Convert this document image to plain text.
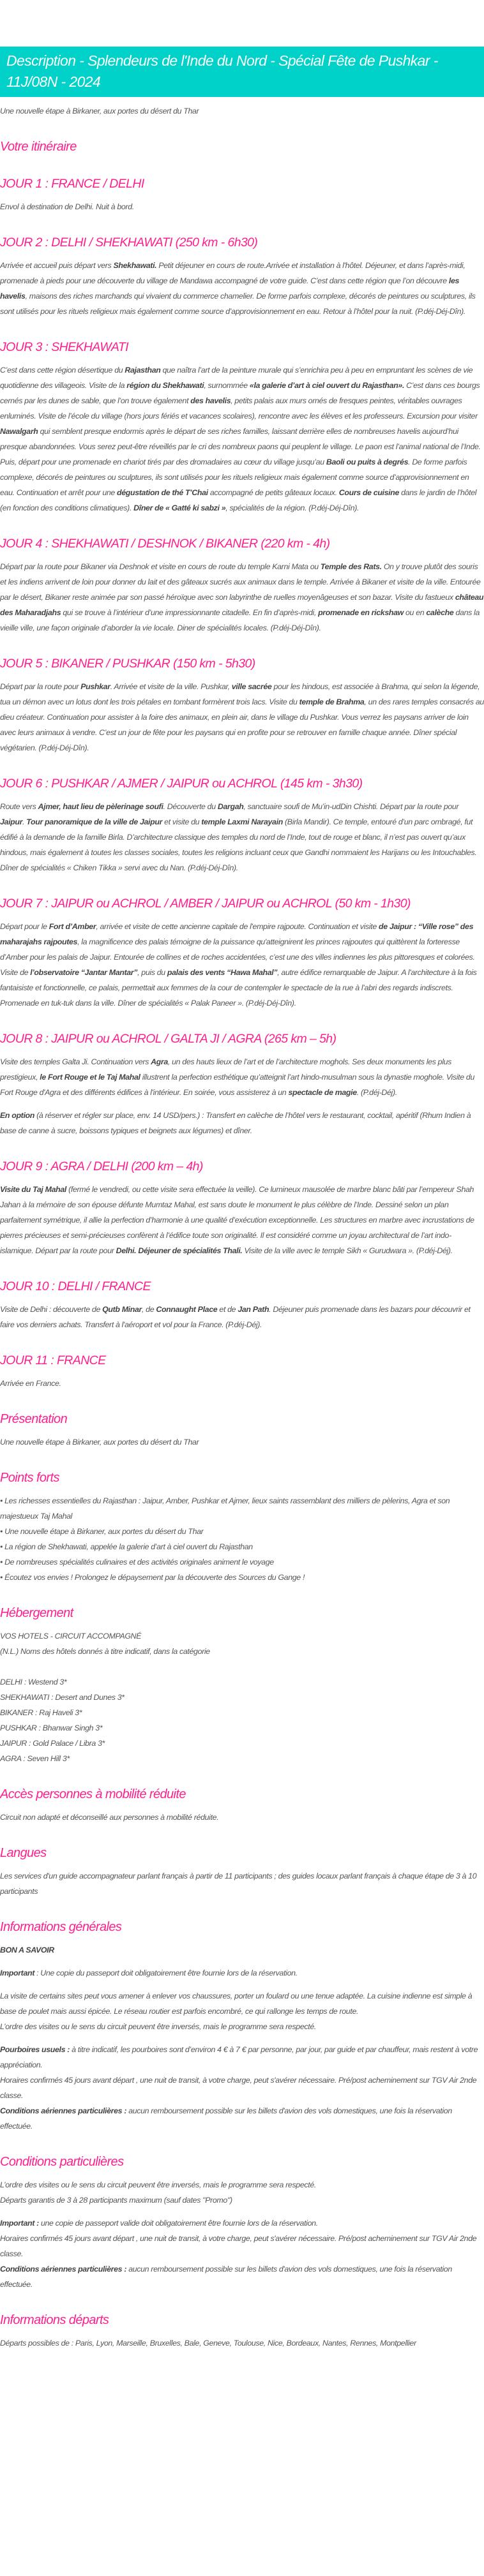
Description - Splendeurs de l'Inde du Nord - Spécial Fête de Pushkar - 11J/08N - 2024

Une nouvelle étape à Birkaner, aux portes du désert du Thar

Votre itinéraire
JOUR 1 : FRANCE / DELHI

Envol à destination de Delhi. Nuit à bord.

JOUR 2 : DELHI / SHEKHAWATI (250 km - 6h30)

Arrivée et accueil puis départ vers Shekhawati. Petit déjeuner en cours de route.Arrivée et installation à l'hôtel. Déjeuner, et dans l’après-midi, promenade à pieds pour une découverte du village de Mandawa accompagné de votre guide. C’est dans cette région que l’on découvre les havelis, maisons des riches marchands qui vivaient du commerce chamelier. De forme parfois complexe, décorés de peintures ou sculptures, ils sont utilisés pour les rituels religieux mais également comme source d’approvisionnement en eau. Retour à l’hôtel pour la nuit. (P.déj-Déj-Dîn).

JOUR 3 : SHEKHAWATI

C’est dans cette région désertique du Rajasthan que naîtra l’art de la peinture murale qui s’enrichira peu à peu en empruntant les scènes de vie quotidienne des villageois. Visite de la région du Shekhawati, surnommée «la galerie d’art à ciel ouvert du Rajasthan». C’est dans ces bourgs cernés par les dunes de sable, que l’on trouve également des havelis, petits palais aux murs ornés de fresques peintes, véritables ouvrages enluminés. Visite de l’école du village (hors jours fériés et vacances scolaires), rencontre avec les élèves et les professeurs. Excursion pour visiter Nawalgarh qui semblent presque endormis après le départ de ses riches familles, laissant derrière elles de nombreuses havelis aujourd’hui presque abandonnées. Vous serez peut-être réveillés par le cri des nombreux paons qui peuplent le village. Le paon est l’animal national de l’Inde. Puis, départ pour une promenade en chariot tirés par des dromadaires au cœur du village jusqu’au Baoli ou puits à degrés. De forme parfois complexe, décorés de peintures ou sculptures, ils sont utilisés pour les rituels religieux mais également comme source d’approvisionnement en eau. Continuation et arrêt pour une dégustation de thé T’Chai accompagné de petits gâteaux locaux. Cours de cuisine dans le jardin de l’hôtel (en fonction des conditions climatiques). Dîner de « Gatté ki sabzi », spécialités de la région. (P.déj-Déj-Dîn).

JOUR 4 : SHEKHAWATI / DESHNOK / BIKANER (220 km - 4h)

Départ par la route pour Bikaner via Deshnok et visite en cours de route du temple Karni Mata ou Temple des Rats. On y trouve plutôt des souris et les indiens arrivent de loin pour donner du lait et des gâteaux sucrés aux animaux dans le temple. Arrivée à Bikaner et visite de la ville. Entourée par le désert, Bikaner reste animée par son passé héroïque avec son labyrinthe de ruelles moyenâgeuses et son bazar. Visite du fastueux château des Maharadjahs qui se trouve à l’intérieur d’une impressionnante citadelle. En fin d’après-midi, promenade en rickshaw ou en calèche dans la vieille ville, une façon originale d’aborder la vie locale. Diner de spécialités locales. (P.déj-Déj-Dîn).

JOUR 5 : BIKANER / PUSHKAR (150 km - 5h30)

Départ par la route pour Pushkar. Arrivée et visite de la ville. Pushkar, ville sacrée pour les hindous, est associée à Brahma, qui selon la légende, tua un démon avec un lotus dont les trois pétales en tombant formèrent trois lacs. Visite du temple de Brahma, un des rares temples consacrés au dieu créateur. Continuation pour assister à la foire des animaux, en plein air, dans le village du Pushkar. Vous verrez les paysans arriver de loin avec leurs animaux à vendre. C’est un jour de fête pour les paysans qui en profite pour se retrouver en famille chaque année. Dîner spécial végétarien. (P.déj-Déj-Dîn).

JOUR 6 : PUSHKAR / AJMER / JAIPUR ou ACHROL (145 km - 3h30)

Route vers Ajmer, haut lieu de pèlerinage soufi. Découverte du Dargah, sanctuaire soufi de Mu’in-udDin Chishti. Départ par la route pour Jaipur. Tour panoramique de la ville de Jaipur et visite du temple Laxmi Narayain (Birla Mandir). Ce temple, entouré d’un parc ombragé, fut édifié à la demande de la famille Birla. D’architecture classique des temples du nord de l’Inde, tout de rouge et blanc, il n’est pas ouvert qu’aux hindous, mais également à toutes les classes sociales, toutes les religions incluant ceux que Gandhi nommaient les Harijans ou les Intouchables. Dîner de spécialités « Chiken Tikka » servi avec du Nan. (P.déj-Déj-Dîn).

JOUR 7 : JAIPUR ou ACHROL / AMBER / JAIPUR ou ACHROL (50 km - 1h30)

Départ pour le Fort d’Amber, arrivée et visite de cette ancienne capitale de l'empire rajpoute. Continuation et visite de Jaipur : “Ville rose” des maharajahs rajpoutes, la magnificence des palais témoigne de la puissance qu'atteignirent les princes rajpoutes qui quittèrent la forteresse d’Amber pour les palais de Jaipur. Entourée de collines et de roches accidentées, c’est une des villes indiennes les plus pittoresques et colorées. Visite de l’observatoire “Jantar Mantar”, puis du palais des vents “Hawa Mahal”, autre édifice remarquable de Jaipur. A l'architecture à la fois fantaisiste et fonctionnelle, ce palais, permettait aux femmes de la cour de contempler le spectacle de la rue à l’abri des regards indiscrets. Promenade en tuk-tuk dans la ville. Dîner de spécialités « Palak Paneer ». (P.déj-Déj-Dîn).

JOUR 8 : JAIPUR ou ACHROL / GALTA JI / AGRA (265 km – 5h)

Visite des temples Galta Ji. Continuation vers Agra, un des hauts lieux de l’art et de l’architecture moghols. Ses deux monuments les plus prestigieux, le Fort Rouge et le Taj Mahal illustrent la perfection esthétique qu’atteignit l’art hindo-musulman sous la dynastie moghole. Visite du Fort Rouge d'Agra et des différents édifices à l'intérieur. En soirée, vous assisterez à un spectacle de magie. (P.déj-Déj).

En option (à réserver et régler sur place, env. 14 USD/pers.) : Transfert en calèche de l’hôtel vers le restaurant, cocktail, apéritif (Rhum Indien à base de canne à sucre, boissons typiques et beignets aux légumes) et dîner.

JOUR 9 : AGRA / DELHI (200 km – 4h)

Visite du Taj Mahal (fermé le vendredi, ou cette visite sera effectuée la veille). Ce lumineux mausolée de marbre blanc bâti par l’empereur Shah Jahan à la mémoire de son épouse défunte Mumtaz Mahal, est sans doute le monument le plus célèbre de l’Inde. Dessiné selon un plan parfaitement symétrique, il allie la perfection d’harmonie à une qualité d’exécution exceptionnelle. Les structures en marbre avec incrustations de pierres précieuses et semi-précieuses confèrent à l’édifice toute son originalité. Il est considéré comme un joyau architectural de l’art indo-islamique. Départ par la route pour Delhi. Déjeuner de spécialités Thali. Visite de la ville avec le temple Sikh « Gurudwara ». (P.déj-Déj).

JOUR 10 : DELHI / FRANCE

Visite de Delhi : découverte de Qutb Minar, de Connaught Place et de Jan Path. Déjeuner puis promenade dans les bazars pour découvrir et faire vos derniers achats. Transfert à l'aéroport et vol pour la France. (P.déj-Déj).

JOUR 11 : FRANCE

Arrivée en France.

Présentation

Une nouvelle étape à Birkaner, aux portes du désert du Thar

Points forts

• Les richesses essentielles du Rajasthan : Jaipur, Amber, Pushkar et Ajmer, lieux saints rassemblant des milliers de pèlerins, Agra et son majestueux Taj Mahal
• Une nouvelle étape à Birkaner, aux portes du désert du Thar
• La région de Shekhawati, appelée la galerie d’art à ciel ouvert du Rajasthan
• De nombreuses spécialités culinaires et des activités originales animent le voyage
• Écoutez vos envies ! Prolongez le dépaysement par la découverte des Sources du Gange !

Hébergement

VOS HOTELS - CIRCUIT ACCOMPAGNÉ
(N.L.) Noms des hôtels donnés à titre indicatif, dans la catégorie

DELHI : Westend 3*
SHEKHAWATI : Desert and Dunes 3*
BIKANER : Raj Haveli 3*
PUSHKAR : Bhanwar Singh 3*
JAIPUR : Gold Palace / Libra 3*
AGRA : Seven Hill 3*

Accès personnes à mobilité réduite

Circuit non adapté et déconseillé aux personnes à mobilité réduite.

Langues

Les services d'un guide accompagnateur parlant français à partir de 11 participants ; des guides locaux parlant français à chaque étape de 3 à 10 participants

Informations générales

BON A SAVOIR

Important : Une copie du passeport doit obligatoirement être fournie lors de la réservation.

La visite de certains sites peut vous amener à enlever vos chaussures, porter un foulard ou une tenue adaptée. La cuisine indienne est simple à base de poulet mais aussi épicée. Le réseau routier est parfois encombré, ce qui rallonge les temps de route.
L’ordre des visites ou le sens du circuit peuvent être inversés, mais le programme sera respecté.

Pourboires usuels : à titre indicatif, les pourboires sont d’environ 4 € à 7 € par personne, par jour, par guide et par chauffeur, mais restent à votre appréciation.
Horaires confirmés 45 jours avant départ , une nuit de transit, à votre charge, peut s'avérer nécessaire. Pré/post acheminement sur TGV Air 2nde classe.
Conditions aériennes particulières : aucun remboursement possible sur les billets d'avion des vols domestiques, une fois la réservation effectuée.

Conditions particulières

L’ordre des visites ou le sens du circuit peuvent être inversés, mais le programme sera respecté.
Départs garantis de 3 à 28 participants maximum (sauf dates "Promo")

Important : une copie de passeport valide doit obligatoirement être fournie lors de la réservation.
Horaires confirmés 45 jours avant départ , une nuit de transit, à votre charge, peut s'avérer nécessaire. Pré/post acheminement sur TGV Air 2nde classe.
Conditions aériennes particulières : aucun remboursement possible sur les billets d'avion des vols domestiques, une fois la réservation effectuée.

Informations départs

Départs possibles de : Paris, Lyon, Marseille, Bruxelles, Bale, Geneve, Toulouse, Nice, Bordeaux, Nantes, Rennes, Montpellier
